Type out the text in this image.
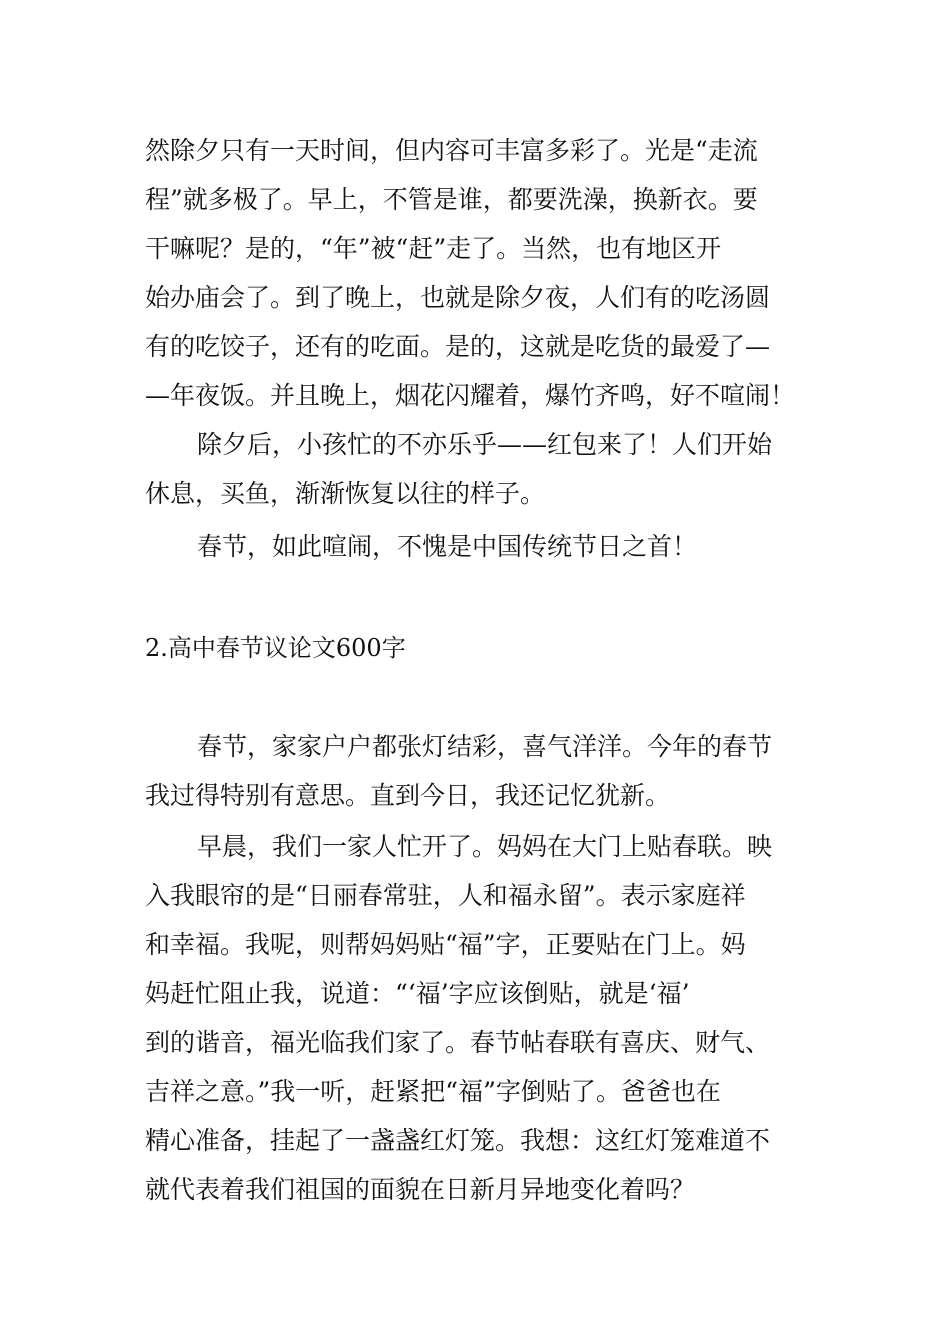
然除夕只有一天时间，但内容可丰富多彩了。光是“走流
程”就多极了。早上，不管是谁，都要洗澡，换新衣。要
干嘛呢？是的，“年”被“赶”走了。当然，也有地区开
始办庙会了。到了晚上，也就是除夕夜，人们有的吃汤圆
有的吃饺子，还有的吃面。是的，这就是吃货的最爱了—
—年夜饭。并且晚上，烟花闪耀着，爆竹齐鸣，好不喧闹！
除夕后，小孩忙的不亦乐乎——红包来了！人们开始
休息，买鱼，渐渐恢复以往的样子。
春节，如此喧闹，不愧是中国传统节日之首！
2.高中春节议论文600字
春节，家家户户都张灯结彩，喜气洋洋。今年的春节
我过得特别有意思。直到今日，我还记忆犹新。
早晨，我们一家人忙开了。妈妈在大门上贴春联。映
入我眼帘的是“日丽春常驻，人和福永留”。表示家庭祥
和幸福。我呢，则帮妈妈贴“福”字，正要贴在门上。妈
妈赶忙阻止我，说道：“‘福’字应该倒贴，就是‘福’
到的谐音，福光临我们家了。春节帖春联有喜庆、财气、
吉祥之意。”我一听，赶紧把“福”字倒贴了。爸爸也在
精心准备，挂起了一盏盏红灯笼。我想：这红灯笼难道不
就代表着我们祖国的面貌在日新月异地变化着吗？
